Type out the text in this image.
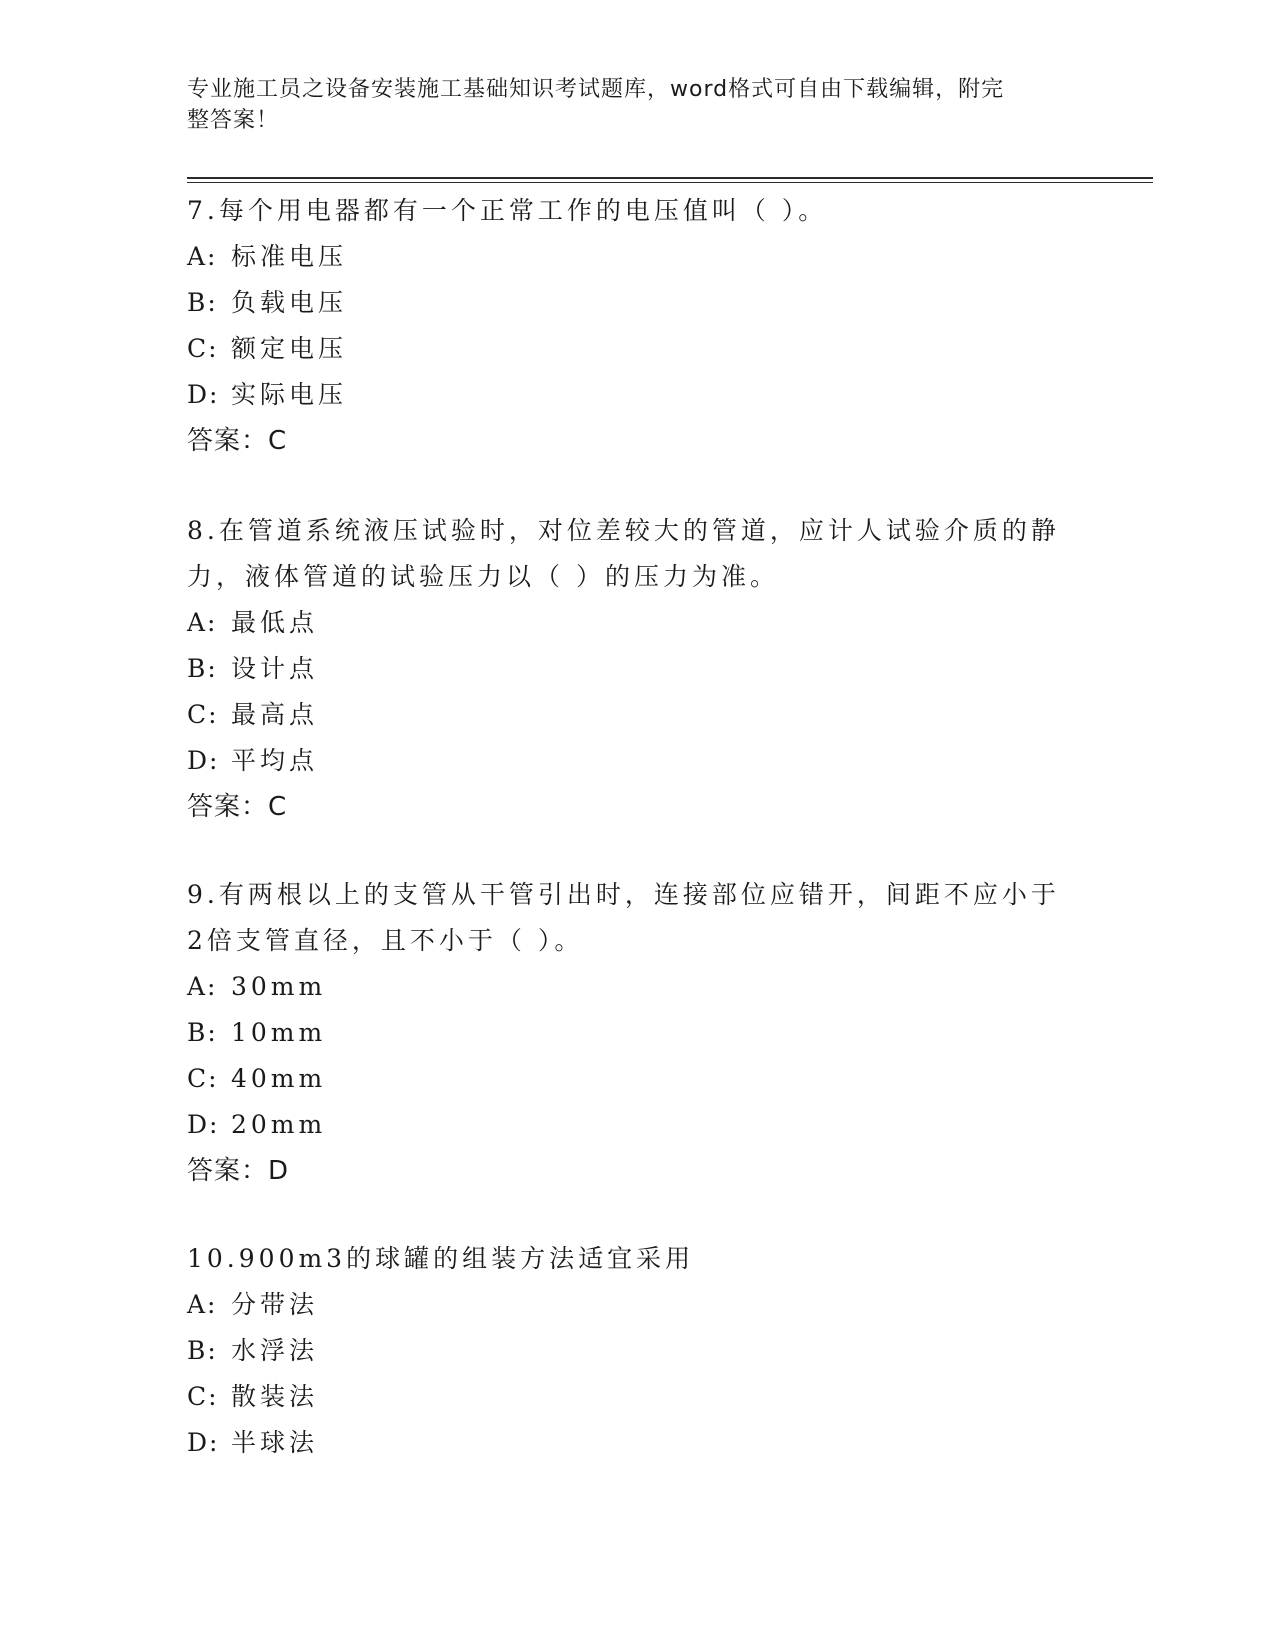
专业施工员之设备安装施工基础知识考试题库，word格式可自由下载编辑，附完
整答案！
7.每个用电器都有一个正常工作的电压值叫（ ）。
A: 标准电压
B: 负载电压
C: 额定电压
D: 实际电压
答案：C
8.在管道系统液压试验时，对位差较大的管道，应计人试验介质的静力，液体管道的试验压力以（ ）的压力为准。
A: 最低点
B: 设计点
C: 最高点
D: 平均点
答案：C
9.有两根以上的支管从干管引出时，连接部位应错开，间距不应小于2倍支管直径，且不小于（ ）。
A: 30mm
B: 10mm
C: 40mm
D: 20mm
答案：D
10.900m3的球罐的组装方法适宜采用
A: 分带法
B: 水浮法
C: 散装法
D: 半球法
